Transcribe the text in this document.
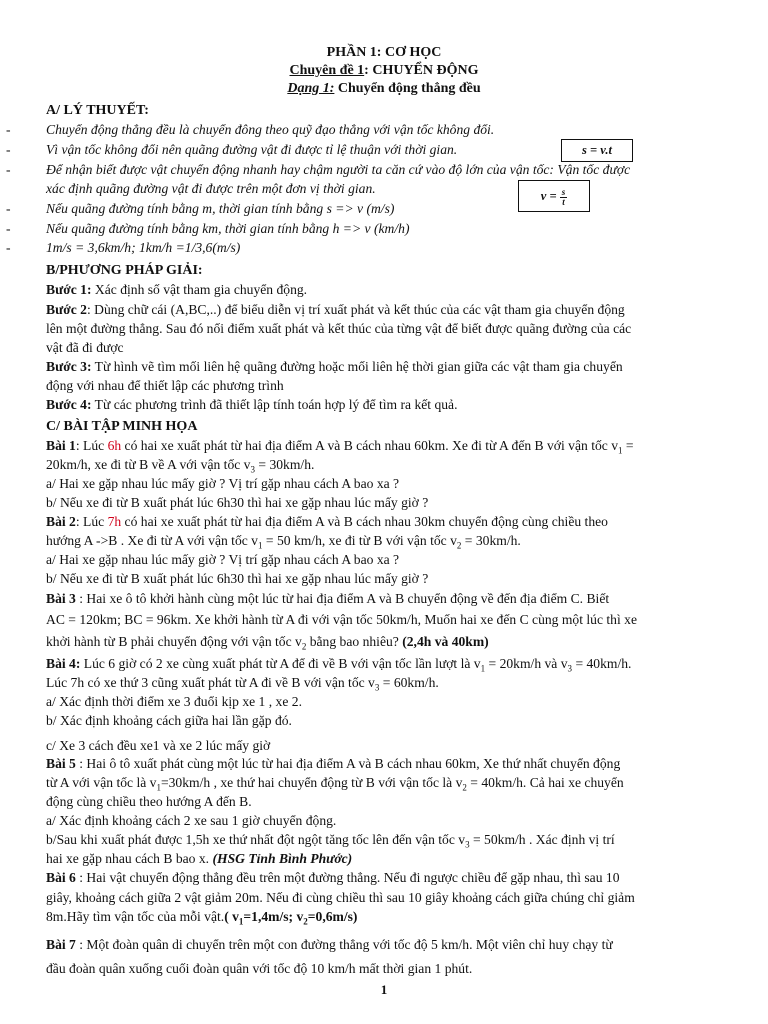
PHẦN 1: CƠ HỌC
Chuyên đề 1: CHUYỂN ĐỘNG
Dạng 1: Chuyển động thẳng đều
A/ LÝ THUYẾT:
-	Chuyển động thẳng đều là chuyển đông theo quỹ đạo thẳng với vận tốc không đổi.
-	Vì vận tốc không đổi nên quãng đường vật đi được tỉ lệ thuận với thời gian.
-	Để nhận biết được vật chuyển động nhanh hay chậm người ta căn cứ vào độ lớn của vận tốc: Vận tốc được
xác định quãng đường vật đi được trên một đơn vị thời gian.
-	Nếu quãng đường tính bằng m, thời gian tính bằng s => v (m/s)
-	Nếu quãng đường tính bằng km, thời gian tính bằng h => v (km/h)
-	1m/s = 3,6km/h; 1km/h =1/3,6(m/s)
s = v.t
$v = \frac{s}{t}$
B/PHƯƠNG PHÁP GIẢI:
Bước 1: Xác định số vật tham gia chuyển động.
Bước 2: Dùng chữ cái (A,BC,..) để biểu diễn vị trí xuất phát và kết thúc của các vật tham gia chuyển động
lên một đường thẳng. Sau đó nối điểm xuất phát và kết thúc của từng vật để biết được quãng đường của các
vật đã đi được
Bước 3: Từ hình vẽ tìm mối liên hệ quãng đường hoặc mối liên hệ thời gian giữa các vật tham gia chuyển
động với nhau để thiết lập các phương trình
Bước 4: Từ các phương trình đã thiết lập tính toán hợp lý để tìm ra kết quả.
C/ BÀI TẬP MINH HỌA
Bài 1: Lúc 6h có hai xe xuất phát từ hai địa điểm A và B cách nhau 60km. Xe đi từ A đến B với vận tốc $v_1$ =
20km/h, xe đi từ B về A với vận tốc $v_3 = 30km/h$.
a/ Hai xe gặp nhau lúc mấy giờ ? Vị trí gặp nhau cách A bao xa ?
b/ Nếu xe đi từ B xuất phát lúc 6h30 thì hai xe gặp nhau lúc mấy giờ ?
Bài 2: Lúc 7h có hai xe xuất phát từ hai địa điểm A và B cách nhau 30km chuyển động cùng chiều theo
hướng A ->B . Xe đi từ A với vận tốc $v_1 = 50$ km/h, xe đi từ B với vận tốc $v_2 = 30km/h$.
a/ Hai xe gặp nhau lúc mấy giờ ? Vị trí gặp nhau cách A bao xa ?
b/ Nếu xe đi từ B xuất phát lúc 6h30 thì hai xe gặp nhau lúc mấy giờ ?
Bài 3 : Hai xe ô tô khởi hành cùng một lúc từ hai địa điểm A và B chuyển động về đến địa điểm C. Biết
AC = 120km; BC = 96km. Xe khởi hành từ A đi với vận tốc 50km/h, Muốn hai xe đến C cùng một lúc thì xe
khởi hành từ B phải chuyển động với vận tốc $v_2$ bằng bao nhiêu? (2,4h và 40km)
Bài 4: Lúc 6 giờ có 2 xe cùng xuất phát từ A để đi về B với vận tốc lần lượt là $v_1 = 20km/h$ và $v_3 = 40km/h$.
Lúc 7h có xe thứ 3 cũng xuất phát từ A đi về B với vận tốc $v_3 = 60km/h$.
a/ Xác định thời điểm xe 3 đuổi kịp xe 1 , xe 2.
b/ Xác định khoảng cách giữa hai lần gặp đó.
c/ Xe 3 cách đều xe1 và xe 2 lúc mấy giờ
Bài 5 : Hai ô tô xuất phát cùng một lúc từ hai địa điểm A và B cách nhau 60km, Xe thứ nhất chuyển động
từ A với vận tốc là $v_1=30km/h$ , xe thứ hai chuyển động từ B với vận tốc là $v_2 = 40km/h$. Cả hai xe chuyển
động cùng chiều theo hướng A đến B.
a/ Xác định khoảng cách 2 xe sau 1 giờ chuyển động.
b/Sau khi xuất phát được 1,5h xe thứ nhất đột ngột tăng tốc lên đến vận tốc $v_3 = 50km/h$ . Xác định vị trí
hai xe gặp nhau cách B bao x. (HSG Tỉnh Bình Phước)
Bài 6 : Hai vật chuyển động thẳng đều trên một đường thẳng. Nếu đi ngược chiều để gặp nhau, thì sau 10
giây, khoảng cách giữa 2 vật giảm 20m. Nếu đi cùng chiều thì sau 10 giây khoảng cách giữa chúng chỉ giảm
8m.Hãy tìm vận tốc của mỗi vật.( $v_1=1,4m/s$; $v_2=0,6m/s$)
Bài 7 : Một đoàn quân di chuyển trên một con đường thẳng với tốc độ 5 km/h. Một viên chỉ huy chạy từ
đầu đoàn quân xuống cuối đoàn quân với tốc độ 10 km/h mất thời gian 1 phút.
1
